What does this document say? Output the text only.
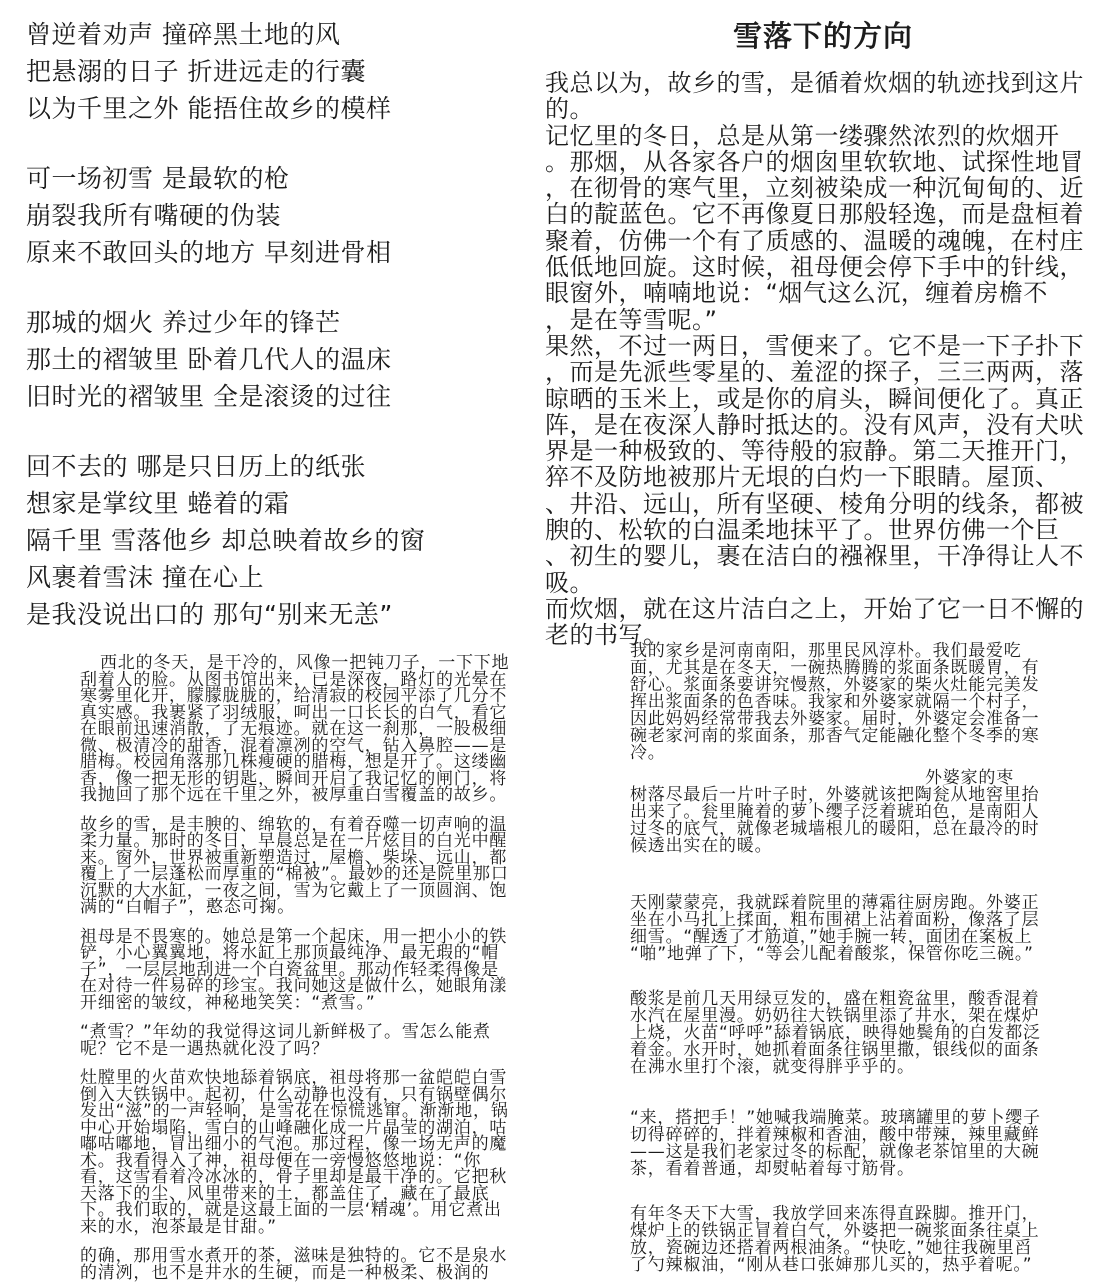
曾逆着劝声 撞碎黑土地的风
把悬溺的日子 折进远走的行囊
以为千里之外 能捂住故乡的模样
可一场初雪 是最软的枪
崩裂我所有嘴硬的伪装
原来不敢回头的地方 早刻进骨相
那城的烟火 养过少年的锋芒
那土的褶皱里 卧着几代人的温床
旧时光的褶皱里 全是滚烫的过往
回不去的 哪是只日历上的纸张
想家是掌纹里 蜷着的霜
隔千里 雪落他乡 却总映着故乡的窗
风裹着雪沫 撞在心上
是我没说出口的 那句“别来无恙”
西北的冬天，是干冷的，风像一把钝刀子，一下下地
刮着人的脸。从图书馆出来，已是深夜，路灯的光晕在
寒雾里化开，朦朦胧胧的，给清寂的校园平添了几分不
真实感。我裹紧了羽绒服，呵出一口长长的白气，看它
在眼前迅速消散，了无痕迹。就在这一刹那，一股极细
微、极清冷的甜香，混着凛冽的空气，钻入鼻腔——是
腊梅。校园角落那几株瘦硬的腊梅，想是开了。这缕幽
香，像一把无形的钥匙，瞬间开启了我记忆的闸门，将
我抛回了那个远在千里之外，被厚重白雪覆盖的故乡。
故乡的雪，是丰腴的、绵软的，有着吞噬一切声响的温
柔力量。那时的冬日，早晨总是在一片炫目的白光中醒
来。窗外，世界被重新塑造过，屋檐、柴垛、远山，都
覆上了一层蓬松而厚重的“棉被”。最妙的还是院里那口
沉默的大水缸，一夜之间，雪为它戴上了一顶圆润、饱
满的“白帽子”，憨态可掬。
祖母是不畏寒的。她总是第一个起床，用一把小小的铁
铲，小心翼翼地，将水缸上那顶最纯净、最无瑕的“帽
子”，一层层地刮进一个白瓷盆里。那动作轻柔得像是
在对待一件易碎的珍宝。我问她这是做什么，她眼角漾
开细密的皱纹，神秘地笑笑：“煮雪。”
“煮雪？”年幼的我觉得这词儿新鲜极了。雪怎么能煮
呢？它不是一遇热就化没了吗？
灶膛里的火苗欢快地舔着锅底，祖母将那一盆皑皑白雪
倒入大铁锅中。起初，什么动静也没有，只有锅壁偶尔
发出“滋”的一声轻响，是雪花在惊慌逃窜。渐渐地，锅
中心开始塌陷，雪白的山峰融化成一片晶莹的湖泊，咕
嘟咕嘟地，冒出细小的气泡。那过程，像一场无声的魔
术。我看得入了神，祖母便在一旁慢悠悠地说：“你
看，这雪看着冷冰冰的，骨子里却是最干净的。它把秋
天落下的尘、风里带来的土，都盖住了，藏在了最底
下。我们取的，就是这最上面的一层‘精魂’。用它煮出
来的水，泡茶最是甘甜。”
的确，那用雪水煮开的茶，滋味是独特的。它不是泉水
的清冽，也不是井水的生硬，而是一种极柔、极润的
雪落下的方向
我总以为，故乡的雪，是循着炊烟的轨迹找到这片
的。
记忆里的冬日，总是从第一缕骤然浓烈的炊烟开
。那烟，从各家各户的烟囱里软软地、试探性地冒
，在彻骨的寒气里，立刻被染成一种沉甸甸的、近
白的靛蓝色。它不再像夏日那般轻逸，而是盘桓着
聚着，仿佛一个有了质感的、温暖的魂魄，在村庄
低低地回旋。这时候，祖母便会停下手中的针线，
眼窗外，喃喃地说：“烟气这么沉，缠着房檐不
，是在等雪呢。”
果然，不过一两日，雪便来了。它不是一下子扑下
，而是先派些零星的、羞涩的探子，三三两两，落
晾晒的玉米上，或是你的肩头，瞬间便化了。真正
阵，是在夜深人静时抵达的。没有风声，没有犬吠
界是一种极致的、等待般的寂静。第二天推开门，
猝不及防地被那片无垠的白灼一下眼睛。屋顶、
、井沿、远山，所有坚硬、棱角分明的线条，都被
腴的、松软的白温柔地抹平了。世界仿佛一个巨
、初生的婴儿，裹在洁白的襁褓里，干净得让人不
吸。
而炊烟，就在这片洁白之上，开始了它一日不懈的
老的书写。
我的家乡是河南南阳，那里民风淳朴。我们最爱吃
面，尤其是在冬天，一碗热腾腾的浆面条既暖胃，有
舒心。浆面条要讲究慢熬，外婆家的柴火灶能完美发
挥出浆面条的色香味。我家和外婆家就隔一个村子，
因此妈妈经常带我去外婆家。届时，外婆定会准备一
碗老家河南的浆面条，那香气定能融化整个冬季的寒
冷。
外婆家的枣
树落尽最后一片叶子时，外婆就该把陶瓮从地窖里抬
出来了。瓮里腌着的萝卜缨子泛着琥珀色，是南阳人
过冬的底气，就像老城墙根儿的暖阳，总在最冷的时
候透出实在的暖。
天刚蒙蒙亮，我就踩着院里的薄霜往厨房跑。外婆正
坐在小马扎上揉面，粗布围裙上沾着面粉，像落了层
细雪。“醒透了才筋道，”她手腕一转，面团在案板上
“啪”地弹了下，“等会儿配着酸浆，保管你吃三碗。”
酸浆是前几天用绿豆发的，盛在粗瓷盆里，酸香混着
水汽在屋里漫。奶奶往大铁锅里添了井水，架在煤炉
上烧，火苗“呼呼”舔着锅底，映得她鬓角的白发都泛
着金。水开时，她抓着面条往锅里撒，银线似的面条
在沸水里打个滚，就变得胖乎乎的。
“来，搭把手！”她喊我端腌菜。玻璃罐里的萝卜缨子
切得碎碎的，拌着辣椒和香油，酸中带辣，辣里藏鲜
——这是我们老家过冬的标配，就像老茶馆里的大碗
茶，看着普通，却熨帖着每寸筋骨。
有年冬天下大雪，我放学回来冻得直跺脚。推开门，
煤炉上的铁锅正冒着白气，外婆把一碗浆面条往桌上
放，瓷碗边还搭着两根油条。“快吃，”她往我碗里舀
了勺辣椒油，“刚从巷口张婶那儿买的，热乎着呢。”
